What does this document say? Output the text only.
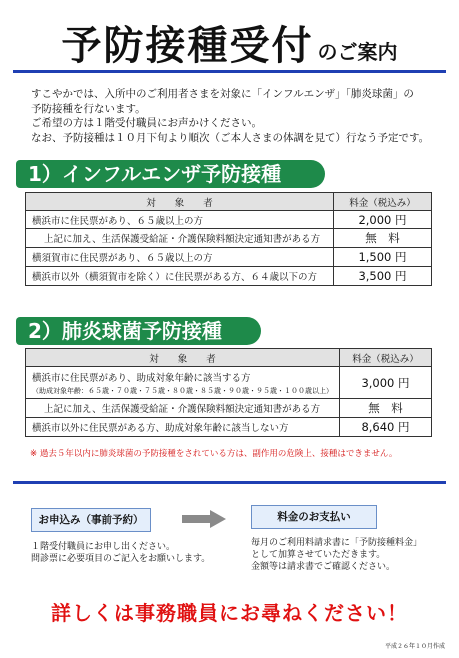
予防接種受付 のご案内
すこやかでは、入所中のご利用者さまを対象に「インフルエンザ」「肺炎球菌」の
予防接種を行ないます。
ご希望の方は１階受付職員にお声かけください。
なお、予防接種は１０月下旬より順次（ご本人さまの体調を見て）行なう予定です。
1）インフルエンザ予防接種
対　　象　　者	料金（税込み）
横浜市に住民票があり、６５歳以上の方	2,000 円
上記に加え、生活保護受給証・介護保険料額決定通知書がある方	無　料
横須賀市に住民票があり、６５歳以上の方	1,500 円
横浜市以外（横須賀市を除く）に住民票がある方、６４歳以下の方	3,500 円
2）肺炎球菌予防接種
対　　象　　者	料金（税込み）
横浜市に住民票があり、助成対象年齢に該当する方
（助成対象年齢：６５歳・７０歳・７５歳・８０歳・８５歳・９０歳・９５歳・１００歳以上）	3,000 円
上記に加え、生活保護受給証・介護保険料額決定通知書がある方	無　料
横浜市以外に住民票がある方、助成対象年齢に該当しない方	8,640 円
※ 過去５年以内に肺炎球菌の予防接種をされている方は、副作用の危険上、接種はできません。
お申込み（事前予約）	料金のお支払い
１階受付職員にお申し出ください。
問診票に必要項目のご記入をお願いします。
毎月のご利用料請求書に「予防接種料金」
として加算させていただきます。
金額等は請求書でご確認ください。
詳しくは事務職員にお尋ねください！
平成２６年１０月作成
